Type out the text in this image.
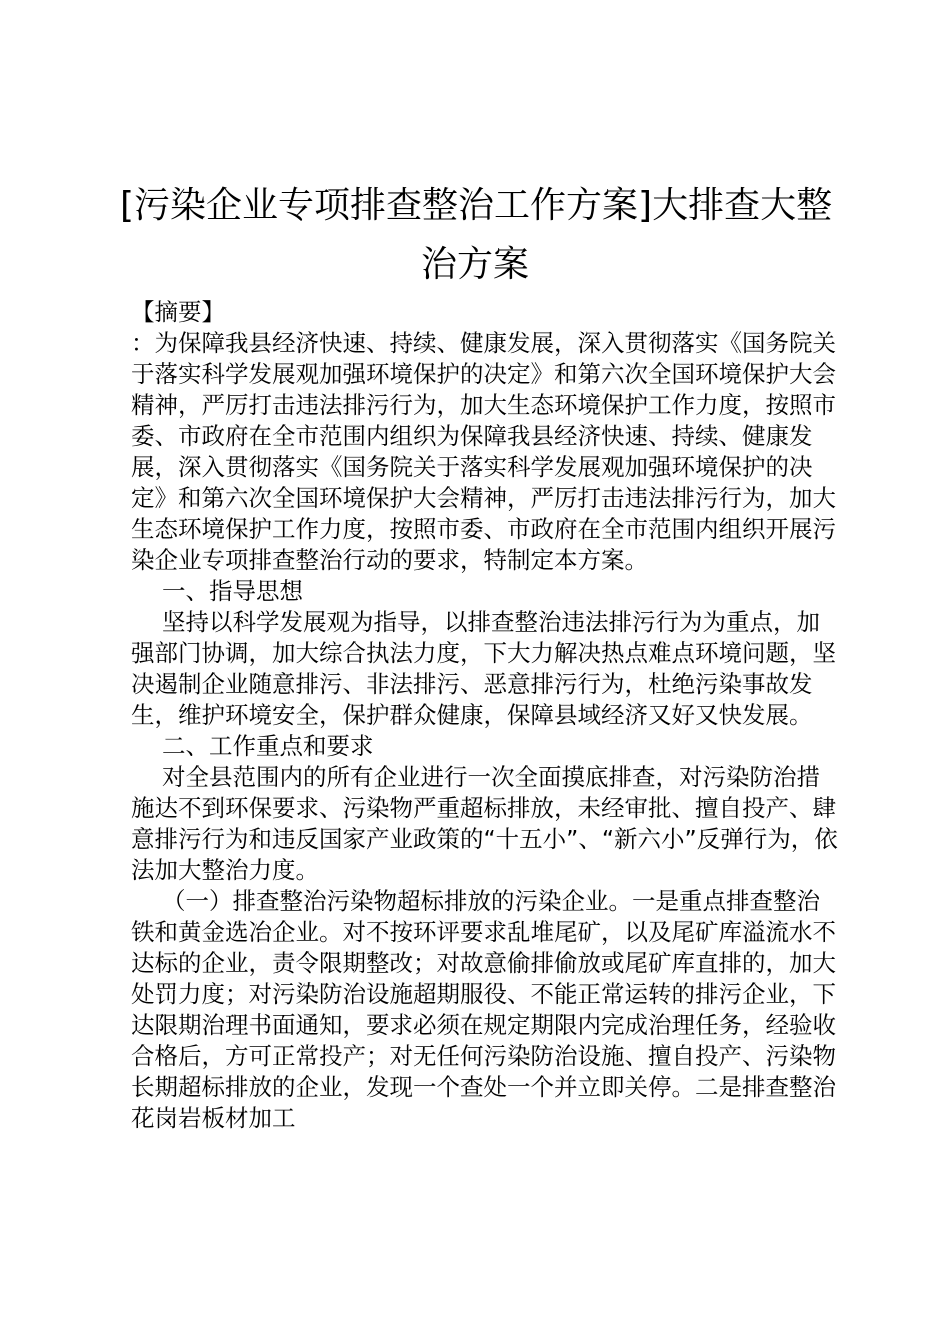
[污染企业专项排查整治工作方案]大排查大整
治方案

【摘要】

：为保障我县经济快速、持续、健康发展，深入贯彻落实《国务院关于落实科学发展观加强环境保护的决定》和第六次全国环境保护大会精神，严厉打击违法排污行为，加大生态环境保护工作力度，按照市委、市政府在全市范围内组织为保障我县经济快速、持续、健康发展，深入贯彻落实《国务院关于落实科学发展观加强环境保护的决定》和第六次全国环境保护大会精神，严厉打击违法排污行为，加大生态环境保护工作力度，按照市委、市政府在全市范围内组织开展污染企业专项排查整治行动的要求，特制定本方案。

一、指导思想

坚持以科学发展观为指导，以排查整治违法排污行为为重点，加强部门协调，加大综合执法力度，下大力解决热点难点环境问题，坚决遏制企业随意排污、非法排污、恶意排污行为，杜绝污染事故发生，维护环境安全，保护群众健康，保障县域经济又好又快发展。

二、工作重点和要求

对全县范围内的所有企业进行一次全面摸底排查，对污染防治措施达不到环保要求、污染物严重超标排放，未经审批、擅自投产、肆意排污行为和违反国家产业政策的“十五小”、“新六小”反弹行为，依法加大整治力度。

（一）排查整治污染物超标排放的污染企业。一是重点排查整治铁和黄金选冶企业。对不按环评要求乱堆尾矿，以及尾矿库溢流水不达标的企业，责令限期整改；对故意偷排偷放或尾矿库直排的，加大处罚力度；对污染防治设施超期服役、不能正常运转的排污企业，下达限期治理书面通知，要求必须在规定期限内完成治理任务，经验收合格后，方可正常投产；对无任何污染防治设施、擅自投产、污染物长期超标排放的企业，发现一个查处一个并立即关停。二是排查整治花岗岩板材加工
